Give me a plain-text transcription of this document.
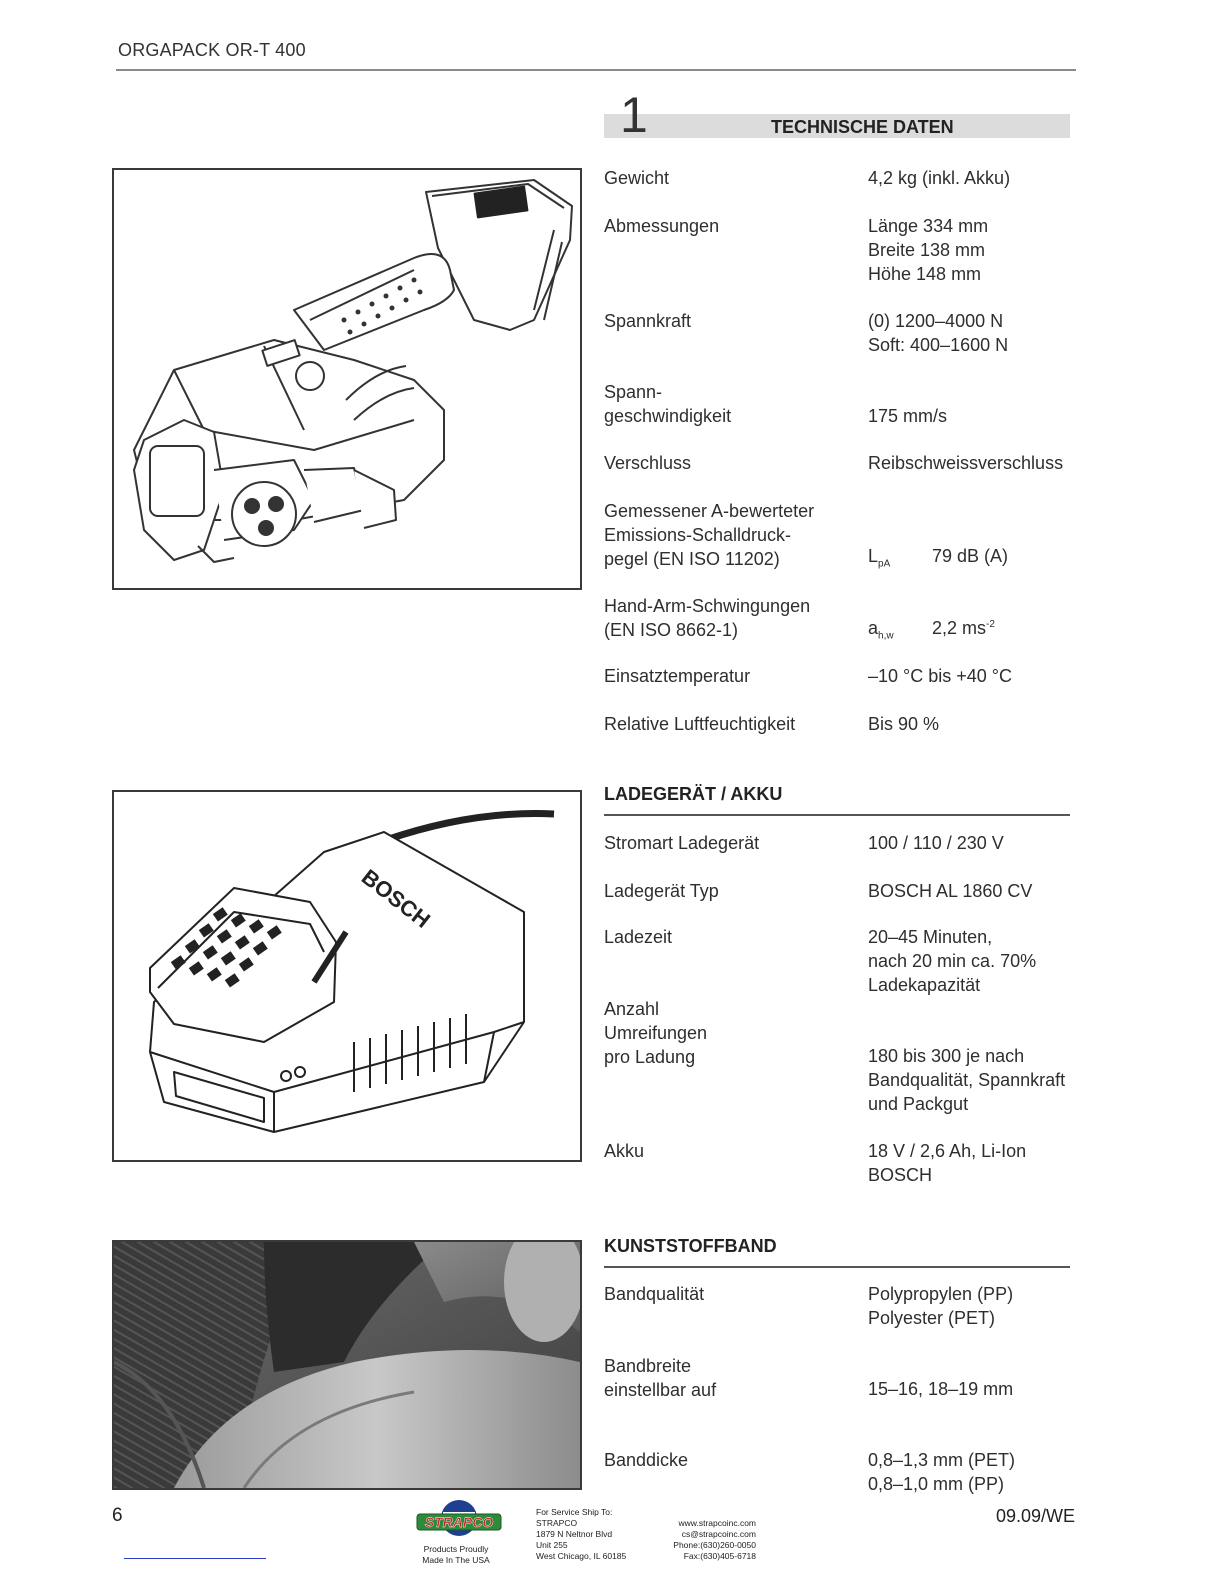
ORGAPACK OR-T 400
1	TECHNISCHE DATEN
Gewicht	4,2 kg (inkl. Akku)
Abmessungen	Länge 334 mm
Breite 138 mm
Höhe 148 mm
Spannkraft	(0) 1200–4000 N
Soft: 400–1600 N
Spann-
geschwindigkeit	175 mm/s
Verschluss	Reibschweissverschluss
Gemessener A-bewerteter
Emissions-Schalldruck-
pegel (EN ISO 11202)	$L_{pA}$ 79 dB (A)
Hand-Arm-Schwingungen
(EN ISO 8662-1)	$a_{h,w}$ 2,2 $ms^{-2}$
Einsatztemperatur	–10 °C bis +40 °C
Relative Luftfeuchtigkeit	Bis 90 %
LADEGERÄT / AKKU
Stromart Ladegerät	100 / 110 / 230 V
Ladegerät Typ	BOSCH AL 1860 CV
Ladezeit	20–45 Minuten,
nach 20 min ca. 70%
Ladekapazität
Anzahl
Umreifungen
pro Ladung	180 bis 300 je nach
Bandqualität, Spannkraft
und Packgut
Akku	18 V / 2,6 Ah, Li-Ion
BOSCH
KUNSTSTOFFBAND
Bandqualität	Polypropylen (PP)
Polyester (PET)
Bandbreite
einstellbar auf	15–16, 18–19 mm
Banddicke	0,8–1,3 mm (PET)
0,8–1,0 mm (PP)
BOSCH
6	09.09/WE
STRAPCO
Products Proudly
Made In The USA
For Service Ship To:
STRAPCO
1879 N Neltnor Blvd
Unit 255
West Chicago, IL 60185
www.strapcoinc.com
cs@strapcoinc.com
Phone:(630)260-0050
Fax:(630)405-6718
